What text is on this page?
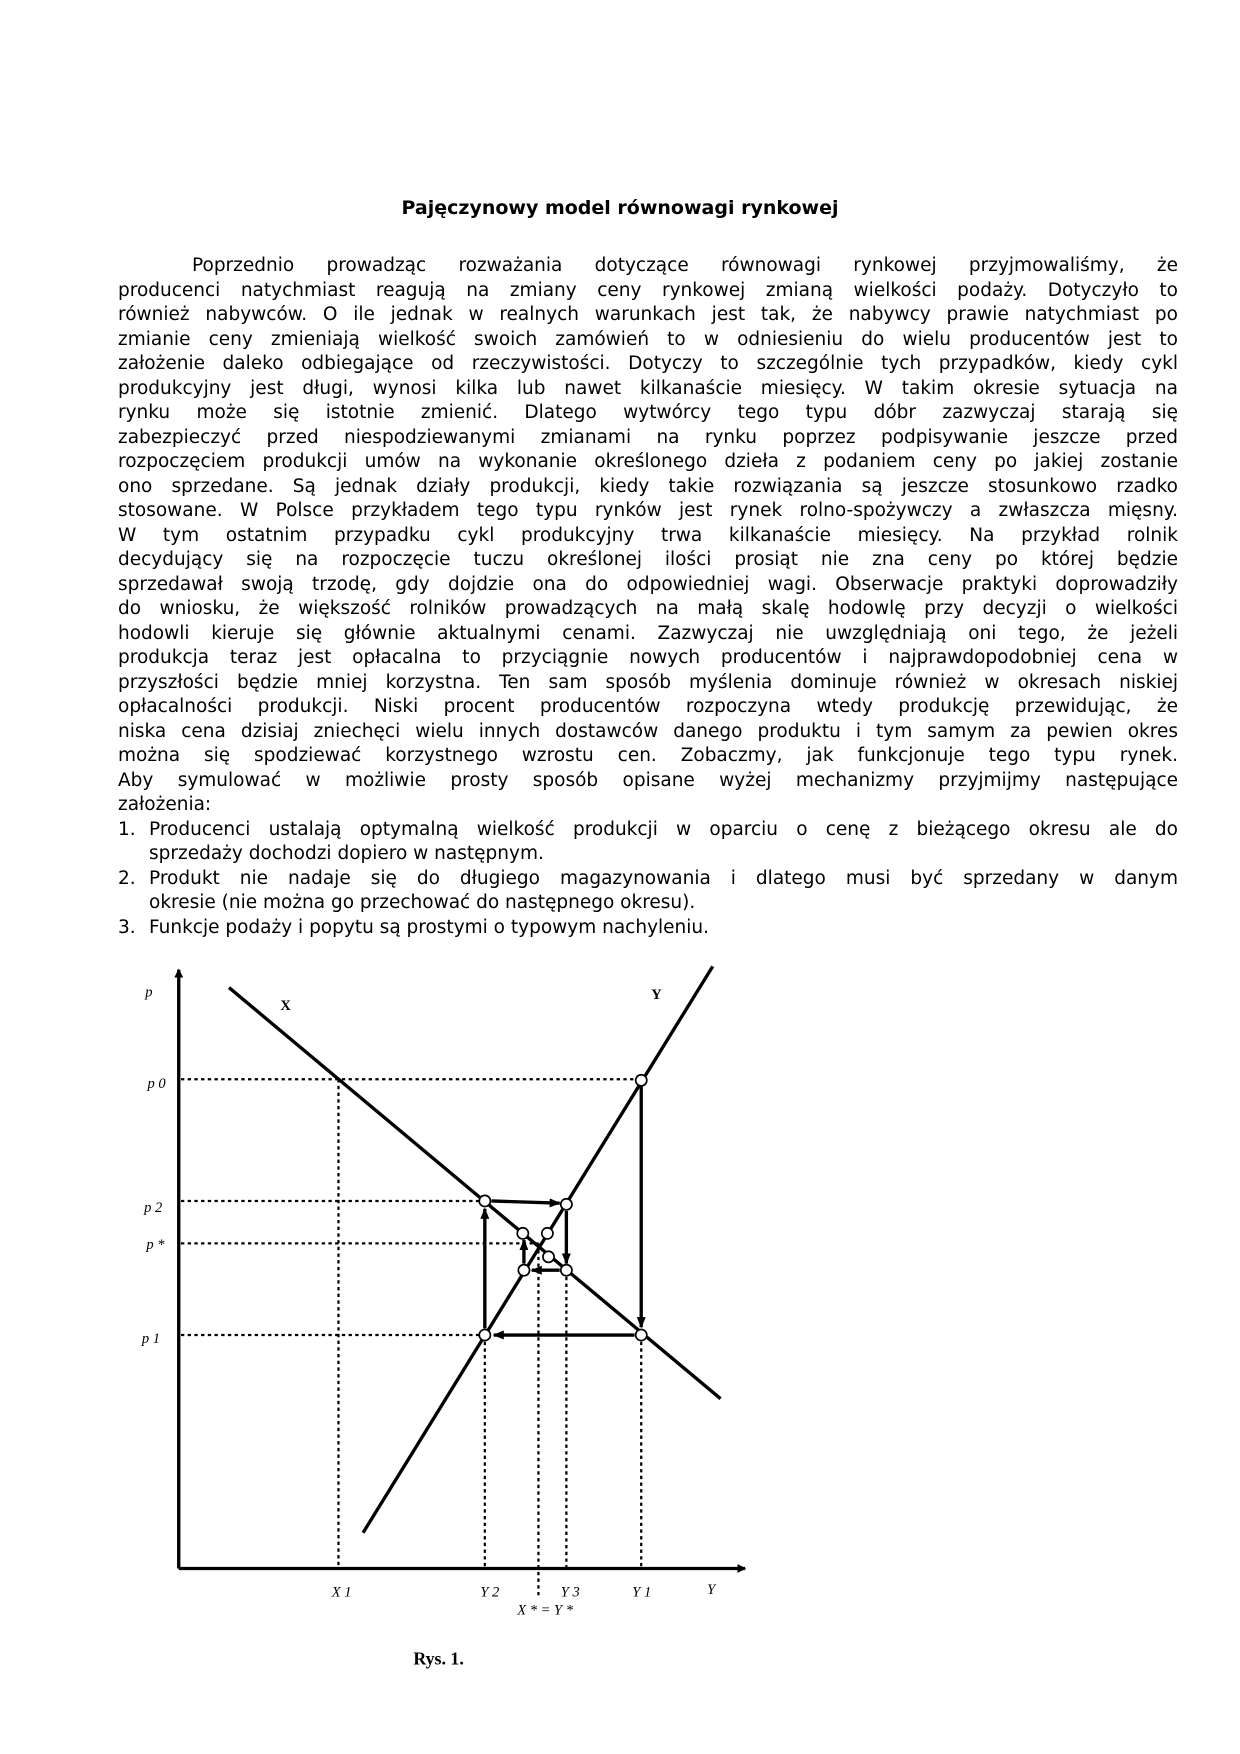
Pajęczynowy model równowagi rynkowej
Poprzednio prowadząc rozważania dotyczące równowagi rynkowej przyjmowaliśmy, że
producenci natychmiast reagują na zmiany ceny rynkowej zmianą wielkości podaży. Dotyczyło to
również nabywców. O ile jednak w realnych warunkach jest tak, że nabywcy prawie natychmiast po
zmianie ceny zmieniają wielkość swoich zamówień to w odniesieniu do wielu producentów jest to
założenie daleko odbiegające od rzeczywistości. Dotyczy to szczególnie tych przypadków, kiedy cykl
produkcyjny jest długi, wynosi kilka lub nawet kilkanaście miesięcy. W takim okresie sytuacja na
rynku może się istotnie zmienić. Dlatego wytwórcy tego typu dóbr zazwyczaj starają się
zabezpieczyć przed niespodziewanymi zmianami na rynku poprzez podpisywanie jeszcze przed
rozpoczęciem produkcji umów na wykonanie określonego dzieła z podaniem ceny po jakiej zostanie
ono sprzedane. Są jednak działy produkcji, kiedy takie rozwiązania są jeszcze stosunkowo rzadko
stosowane. W Polsce przykładem tego typu rynków jest rynek rolno-spożywczy a zwłaszcza mięsny.
W tym ostatnim przypadku cykl produkcyjny trwa kilkanaście miesięcy. Na przykład rolnik
decydujący się na rozpoczęcie tuczu określonej ilości prosiąt nie zna ceny po której będzie
sprzedawał swoją trzodę, gdy dojdzie ona do odpowiedniej wagi. Obserwacje praktyki doprowadziły
do wniosku, że większość rolników prowadzących na małą skalę hodowlę przy decyzji o wielkości
hodowli kieruje się głównie aktualnymi cenami. Zazwyczaj nie uwzględniają oni tego, że jeżeli
produkcja teraz jest opłacalna to przyciągnie nowych producentów i najprawdopodobniej cena w
przyszłości będzie mniej korzystna. Ten sam sposób myślenia dominuje również w okresach niskiej
opłacalności produkcji. Niski procent producentów rozpoczyna wtedy produkcję przewidując, że
niska cena dzisiaj zniechęci wielu innych dostawców danego produktu i tym samym za pewien okres
można się spodziewać korzystnego wzrostu cen. Zobaczmy, jak funkcjonuje tego typu rynek.
Aby symulować w możliwie prosty sposób opisane wyżej mechanizmy przyjmijmy następujące
założenia:
1. Producenci ustalają optymalną wielkość produkcji w oparciu o cenę z bieżącego okresu ale do
sprzedaży dochodzi dopiero w następnym.
2. Produkt nie nadaje się do długiego magazynowania i dlatego musi być sprzedany w danym
okresie (nie można go przechować do następnego okresu).
3. Funkcje podaży i popytu są prostymi o typowym nachyleniu.
p
X
Y
p 0
p 2
p *
p 1
X 1	Y 2	Y 3	Y 1	Y
X * = Y *
Rys. 1.
